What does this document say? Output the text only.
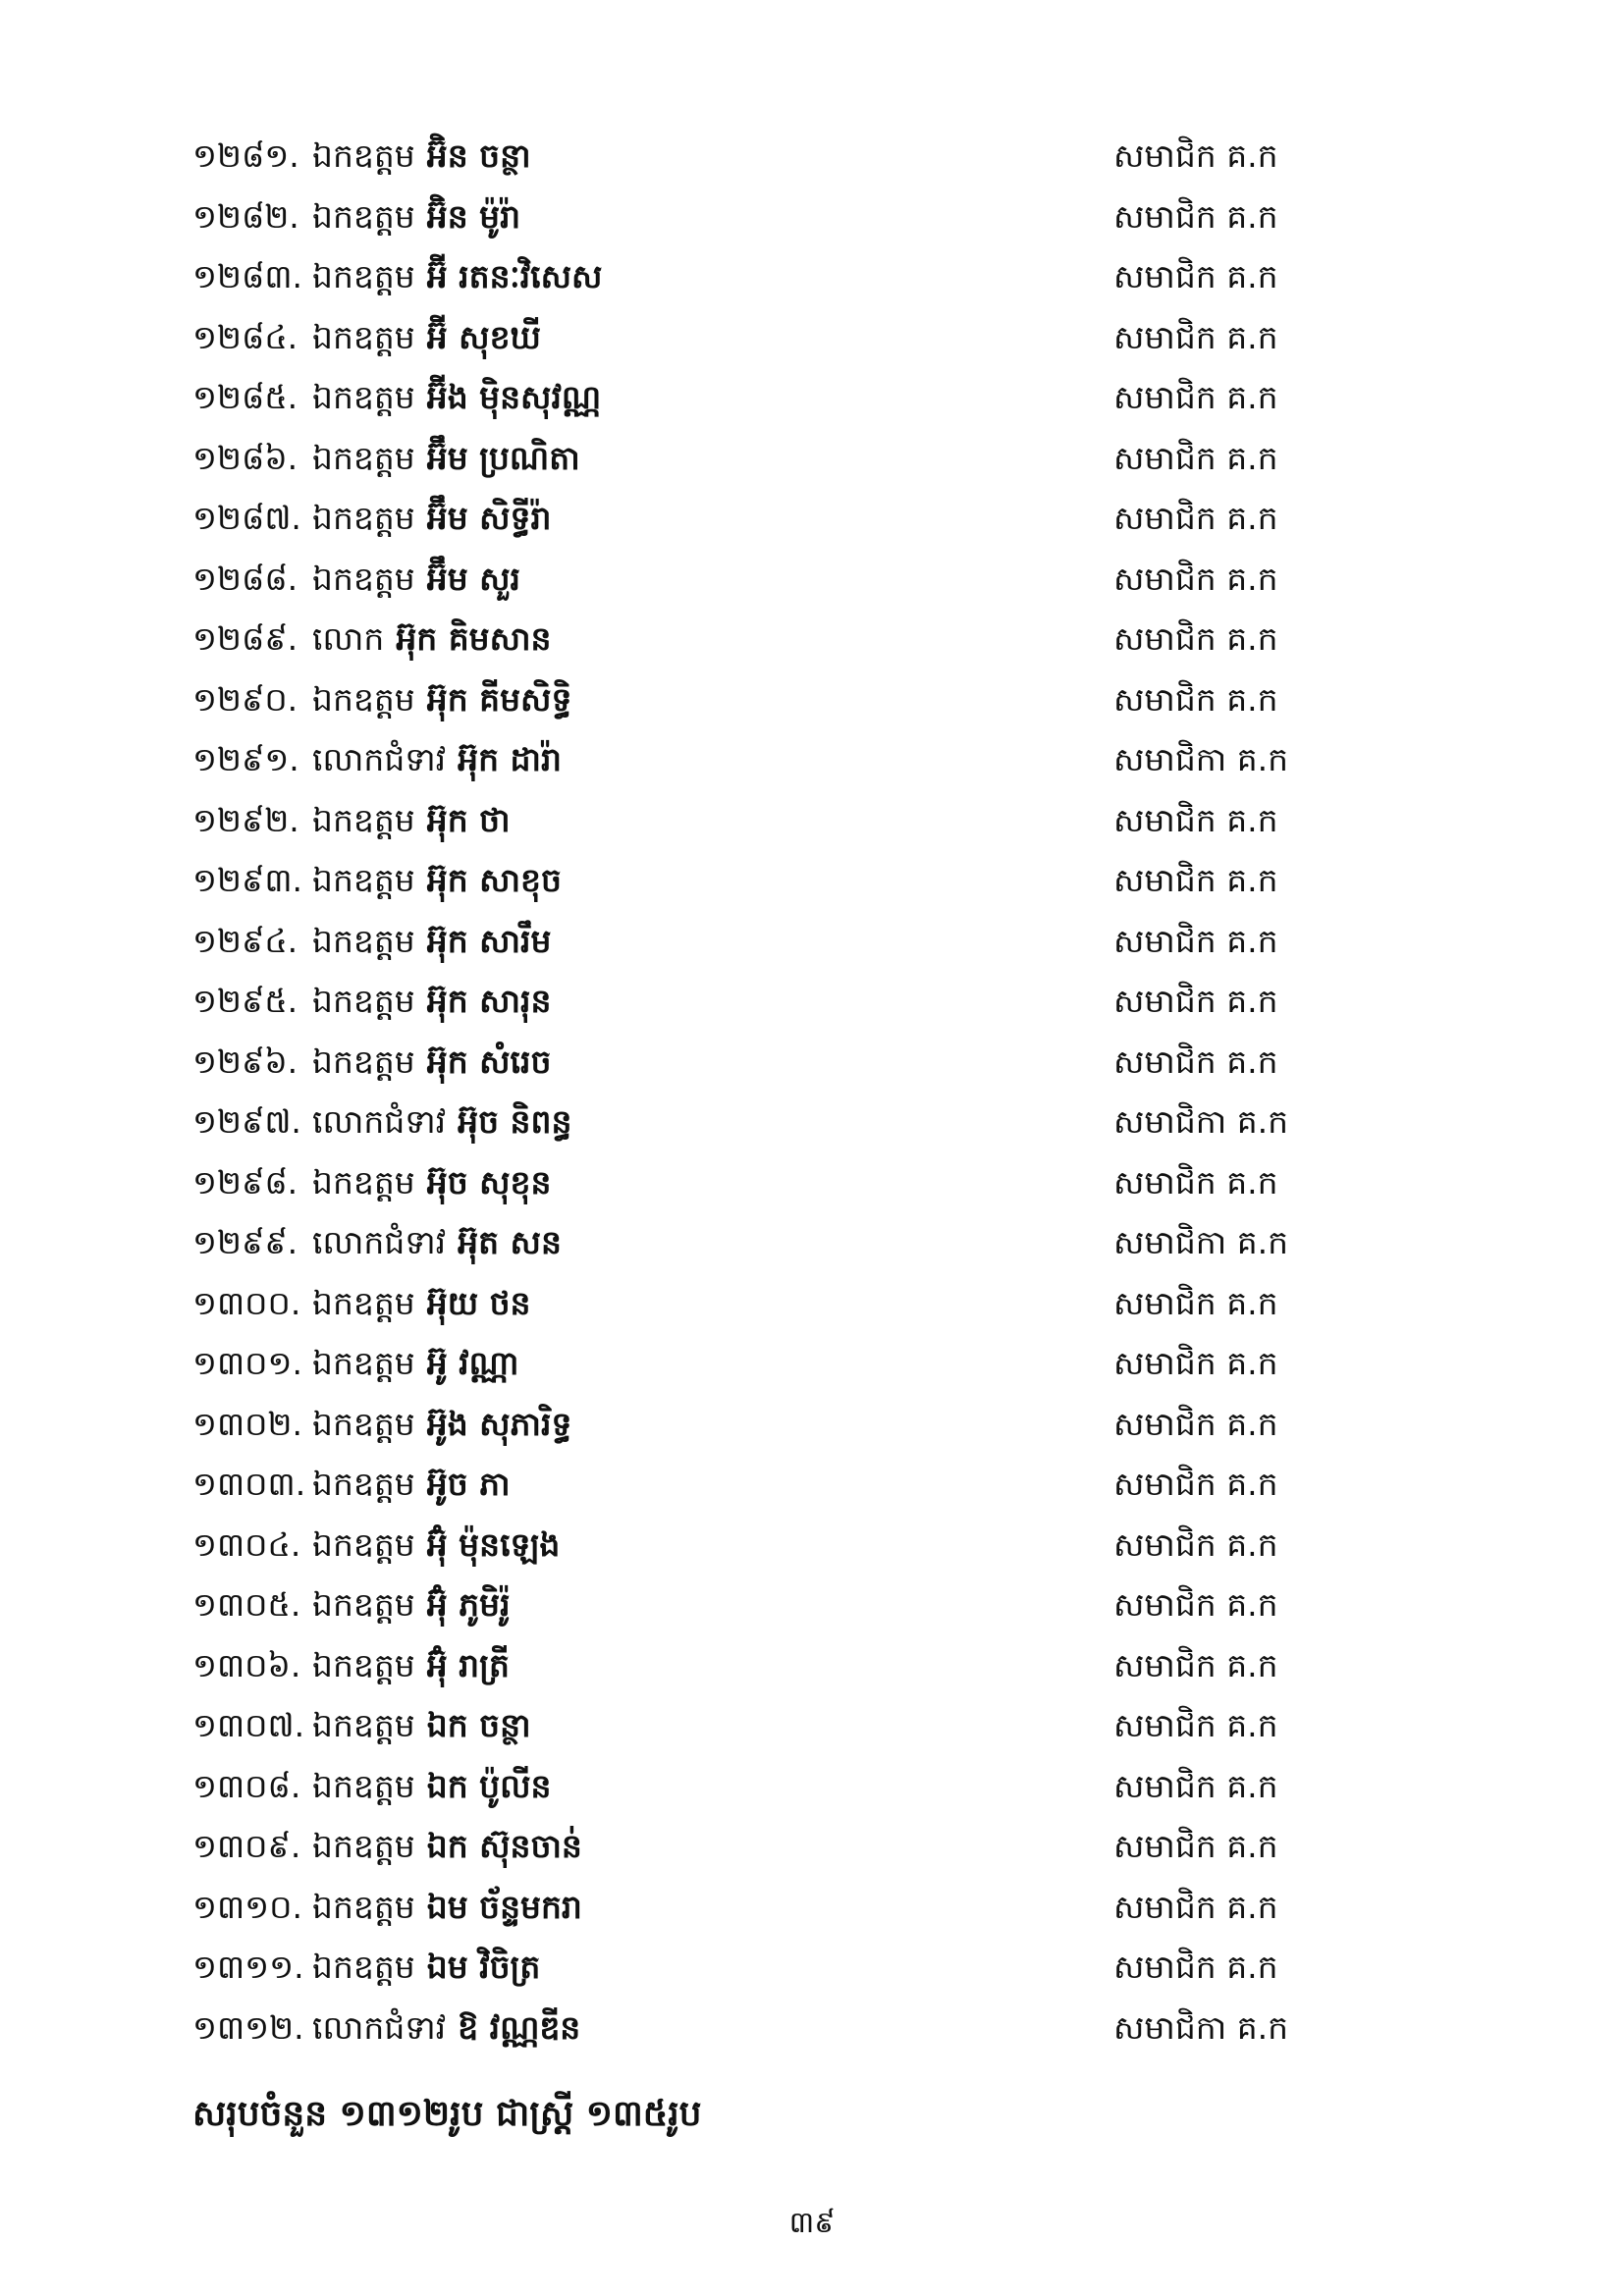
១២៨១. ឯកឧត្តម អ៊ិន ចន្ថា	សមាជិក គ.ក
១២៨២. ឯកឧត្តម អ៊ិន ម៉ូរ៉ា	សមាជិក គ.ក
១២៨៣. ឯកឧត្តម អ៊ី រតនៈវិសេស	សមាជិក គ.ក
១២៨៤. ឯកឧត្តម អ៊ី សុខឃី	សមាជិក គ.ក
១២៨៥. ឯកឧត្តម អ៊ីង ម៉ិនសុវណ្ណ	សមាជិក គ.ក
១២៨៦. ឯកឧត្តម អ៊ឹម ប្រណិតា	សមាជិក គ.ក
១២៨៧. ឯកឧត្តម អ៊ឹម សិទ្ធីរ៉ា	សមាជិក គ.ក
១២៨៨. ឯកឧត្តម អ៊ឹម សួរ	សមាជិក គ.ក
១២៨៩. លោក អ៊ុក គិមសាន	សមាជិក គ.ក
១២៩០. ឯកឧត្តម អ៊ុក គីមសិទ្ធិ	សមាជិក គ.ក
១២៩១. លោកជំទាវ អ៊ុក ដារ៉ា	សមាជិកា គ.ក
១២៩២. ឯកឧត្តម អ៊ុក ថា	សមាជិក គ.ក
១២៩៣. ឯកឧត្តម អ៊ុក សាខុច	សមាជិក គ.ក
១២៩៤. ឯកឧត្តម អ៊ុក សារឹម	សមាជិក គ.ក
១២៩៥. ឯកឧត្តម អ៊ុក សារុន	សមាជិក គ.ក
១២៩៦. ឯកឧត្តម អ៊ុក សំរេច	សមាជិក គ.ក
១២៩៧. លោកជំទាវ អ៊ុច និពន្ធ	សមាជិកា គ.ក
១២៩៨. ឯកឧត្តម អ៊ុច សុខុន	សមាជិក គ.ក
១២៩៩. លោកជំទាវ អ៊ុត សន	សមាជិកា គ.ក
១៣០០. ឯកឧត្តម អ៊ុយ ថន	សមាជិក គ.ក
១៣០១. ឯកឧត្តម អ៊ូ វណ្ណា	សមាជិក គ.ក
១៣០២. ឯកឧត្តម អ៊ូង សុភារិទ្ធ	សមាជិក គ.ក
១៣០៣. ឯកឧត្តម អ៊ូច ភា	សមាជិក គ.ក
១៣០៤. ឯកឧត្តម អ៊ុំ ម៉ុនឡេង	សមាជិក គ.ក
១៣០៥. ឯកឧត្តម អ៊ុំ ភូមិរ៉ូ	សមាជិក គ.ក
១៣០៦. ឯកឧត្តម អ៊ុំ រាត្រី	សមាជិក គ.ក
១៣០៧. ឯកឧត្តម ឯក ចន្ថា	សមាជិក គ.ក
១៣០៨. ឯកឧត្តម ឯក ប៉ូលីន	សមាជិក គ.ក
១៣០៩. ឯកឧត្តម ឯក ស៊ុនចាន់	សមាជិក គ.ក
១៣១០. ឯកឧត្តម ឯម ច័ន្ទមករា	សមាជិក គ.ក
១៣១១. ឯកឧត្តម ឯម វិចិត្រ	សមាជិក គ.ក
១៣១២. លោកជំទាវ ឱ វណ្ណឌីន	សមាជិកា គ.ក
សរុបចំនួន ១៣១២រូប ជាស្ត្រី ១៣៥រូប
៣៩
